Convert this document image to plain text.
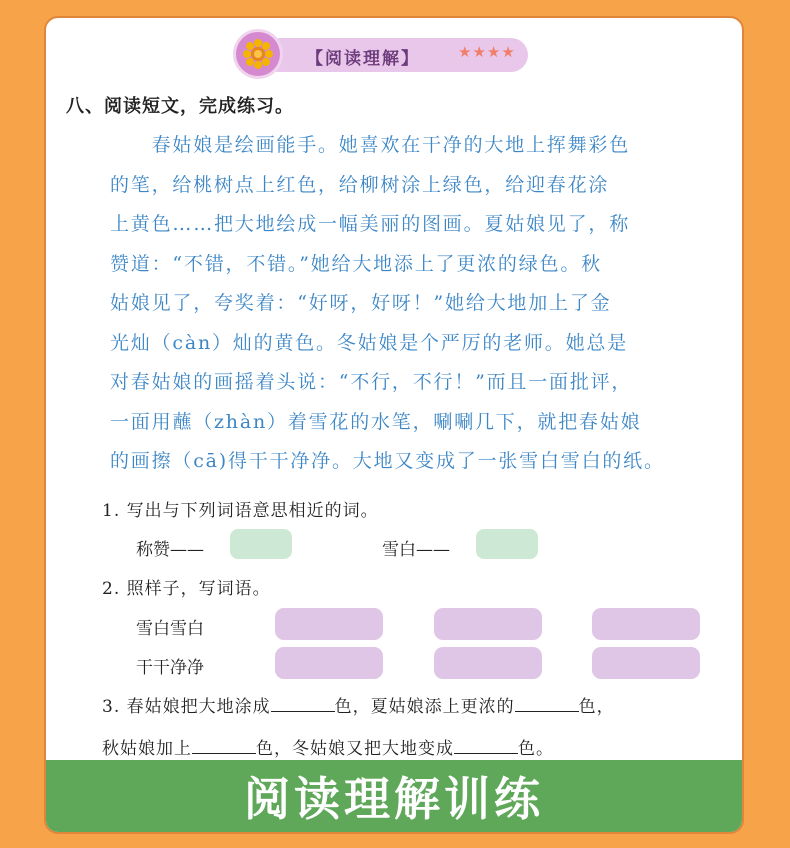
【阅读理解】	★★★★
八、阅读短文，完成练习。
　　春姑娘是绘画能手。她喜欢在干净的大地上挥舞彩色
的笔，给桃树点上红色，给柳树涂上绿色，给迎春花涂
上黄色……把大地绘成一幅美丽的图画。夏姑娘见了，称
赞道：“不错，不错。”她给大地添上了更浓的绿色。秋
姑娘见了，夸奖着：“好呀，好呀！”她给大地加上了金
光灿（càn）灿的黄色。冬姑娘是个严厉的老师。她总是
对春姑娘的画摇着头说：“不行，不行！”而且一面批评，
一面用蘸（zhàn）着雪花的水笔，唰唰几下，就把春姑娘
的画擦（cā)得干干净净。大地又变成了一张雪白雪白的纸。
1. 写出与下列词语意思相近的词。
称赞——	雪白——
2. 照样子，写词语。
雪白雪白
干干净净
3. 春姑娘把大地涂成	色，夏姑娘添上更浓的	色，
秋姑娘加上	色，冬姑娘又把大地变成	色。
阅读理解训练
